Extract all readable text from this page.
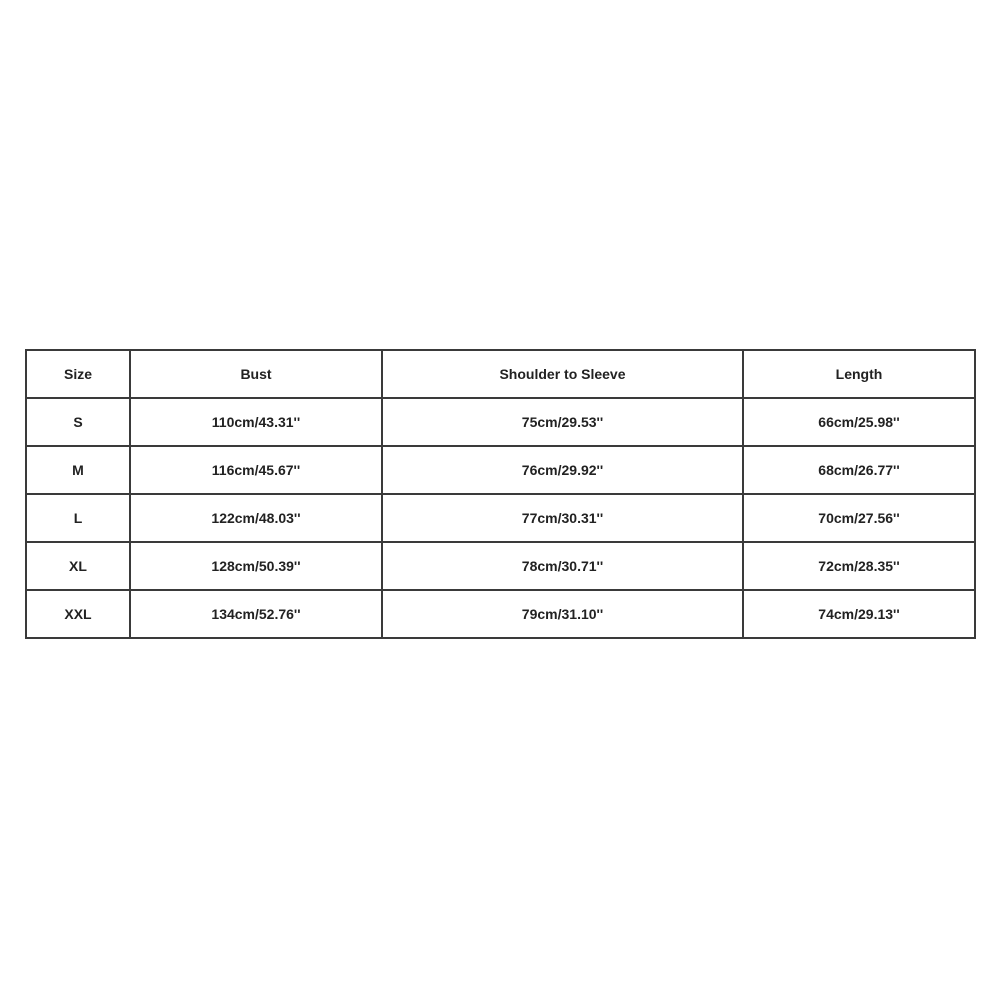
Size	Bust	Shoulder to Sleeve	Length
S	110cm/43.31''	75cm/29.53''	66cm/25.98''
M	116cm/45.67''	76cm/29.92''	68cm/26.77''
L	122cm/48.03''	77cm/30.31''	70cm/27.56''
XL	128cm/50.39''	78cm/30.71''	72cm/28.35''
XXL	134cm/52.76''	79cm/31.10''	74cm/29.13''
